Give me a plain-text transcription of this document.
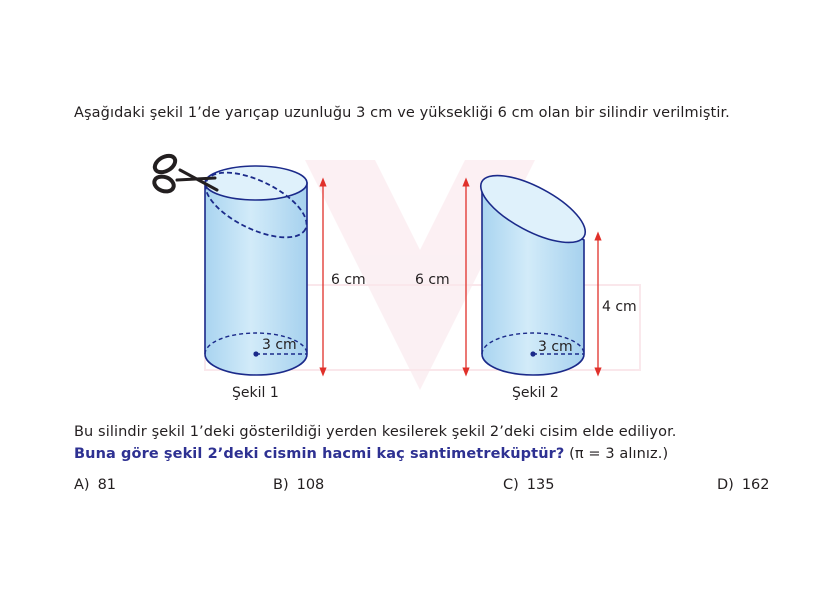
Aşağıdaki şekil 1’de yarıçap uzunluğu 3 cm ve yüksekliği 6 cm olan bir silindir verilmiştir.
6 cm
3 cm
Şekil 1
6 cm
4 cm
3 cm
Şekil 2
Bu silindir şekil 1’deki gösterildiği yerden kesilerek şekil 2’deki cisim elde ediliyor.
Buna göre şekil 2’deki cismin hacmi kaç santimetreküptür? (π = 3 alınız.)
A) 81	B) 108	C) 135	D) 162
